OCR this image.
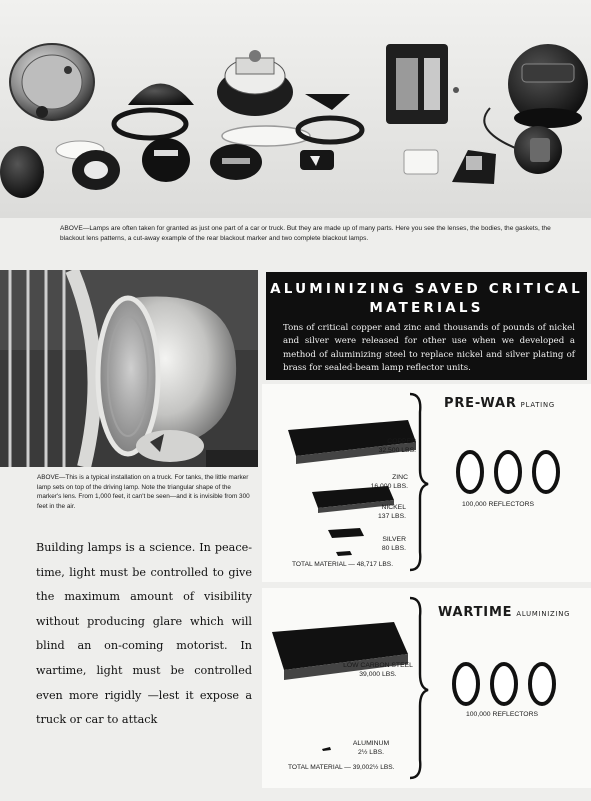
ABOVE—Lamps are often taken for granted as just one part of a car or truck. But they are made up of many parts. Here you see the lenses, the bodies, the gaskets, the blackout lens patterns, a cut-away example of the rear blackout marker and two complete blackout lamps.
ABOVE—This is a typical installation on a truck. For tanks, the little marker lamp sets on top of the driving lamp. Note the triangular shape of the marker's lens. From 1,000 feet, it can't be seen—and it is invisible from 300 feet in the air.
Building lamps is a science. In peace-time, light must be controlled to give the maximum amount of visibility without producing glare which will blind an on-coming motorist. In wartime, light must be controlled even more rigidly —lest it expose a truck or car to attack
ALUMINIZING SAVED CRITICAL
MATERIALS
Tons of critical copper and zinc and thousands of pounds of nickel and silver were released for other use when we developed a method of aluminizing steel to replace nickel and silver plating of brass for sealed-beam lamp reflector units.
COPPER
32,500 LBS.
ZINC
16,000 LBS.
NICKEL
137 LBS.
SILVER
80 LBS.
TOTAL MATERIAL — 48,717 LBS.
PRE-WAR PLATING
100,000 REFLECTORS
LOW CARBON STEEL
39,000 LBS.
ALUMINUM
2½ LBS.
TOTAL MATERIAL — 39,002½ LBS.
WARTIME ALUMINIZING
100,000 REFLECTORS
